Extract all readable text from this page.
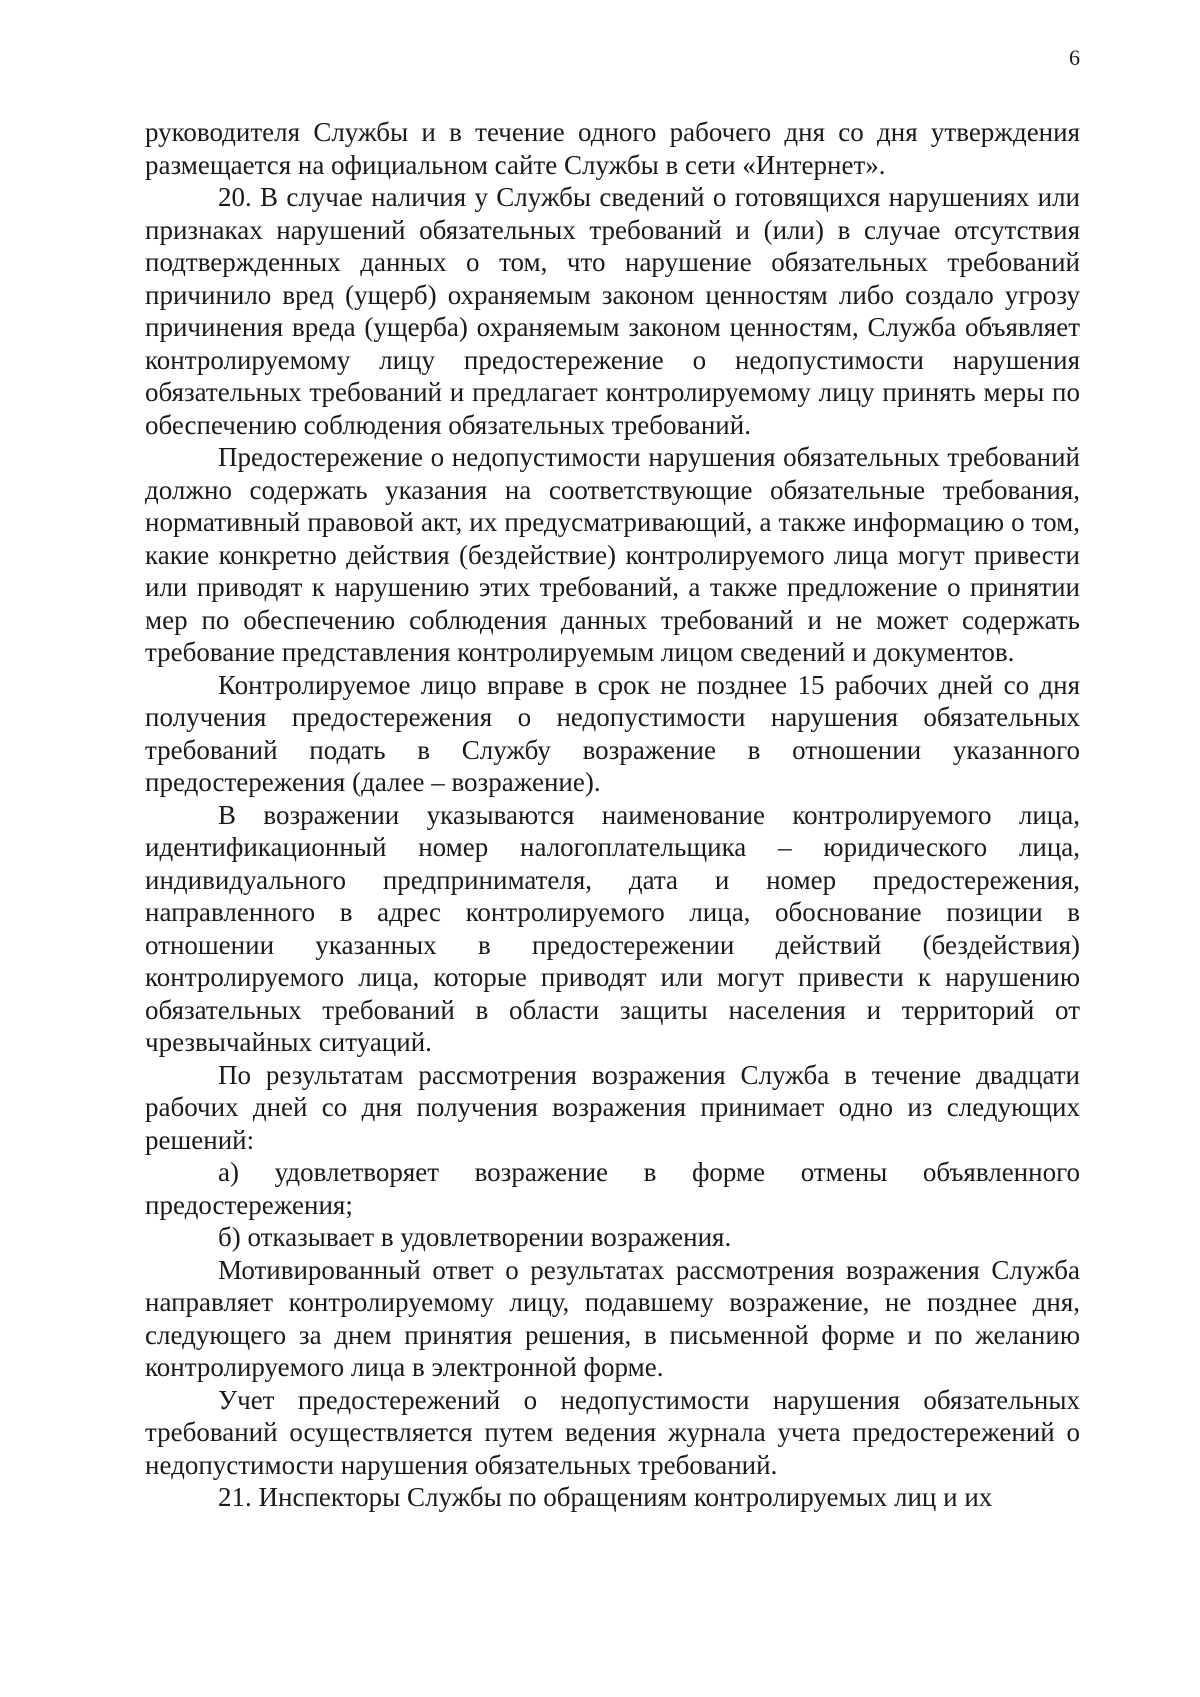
6

руководителя Службы и в течение одного рабочего дня со дня утверждения размещается на официальном сайте Службы в сети «Интернет».

20. В случае наличия у Службы сведений о готовящихся нарушениях или признаках нарушений обязательных требований и (или) в случае отсутствия подтвержденных данных о том, что нарушение обязательных требований причинило вред (ущерб) охраняемым законом ценностям либо создало угрозу причинения вреда (ущерба) охраняемым законом ценностям, Служба объявляет контролируемому лицу предостережение о недопустимости нарушения обязательных требований и предлагает контролируемому лицу принять меры по обеспечению соблюдения обязательных требований.

Предостережение о недопустимости нарушения обязательных требований должно содержать указания на соответствующие обязательные требования, нормативный правовой акт, их предусматривающий, а также информацию о том, какие конкретно действия (бездействие) контролируемого лица могут привести или приводят к нарушению этих требований, а также предложение о принятии мер по обеспечению соблюдения данных требований и не может содержать требование представления контролируемым лицом сведений и документов.

Контролируемое лицо вправе в срок не позднее 15 рабочих дней со дня получения предостережения о недопустимости нарушения обязательных требований подать в Службу возражение в отношении указанного предостережения (далее – возражение).

В возражении указываются наименование контролируемого лица, идентификационный номер налогоплательщика – юридического лица, индивидуального предпринимателя, дата и номер предостережения, направленного в адрес контролируемого лица, обоснование позиции в отношении указанных в предостережении действий (бездействия) контролируемого лица, которые приводят или могут привести к нарушению обязательных требований в области защиты населения и территорий от чрезвычайных ситуаций.

По результатам рассмотрения возражения Служба в течение двадцати рабочих дней со дня получения возражения принимает одно из следующих решений:

а) удовлетворяет возражение в форме отмены объявленного предостережения;

б) отказывает в удовлетворении возражения.

Мотивированный ответ о результатах рассмотрения возражения Служба направляет контролируемому лицу, подавшему возражение, не позднее дня, следующего за днем принятия решения, в письменной форме и по желанию контролируемого лица в электронной форме.

Учет предостережений о недопустимости нарушения обязательных требований осуществляется путем ведения журнала учета предостережений о недопустимости нарушения обязательных требований.

21. Инспекторы Службы по обращениям контролируемых лиц и их
